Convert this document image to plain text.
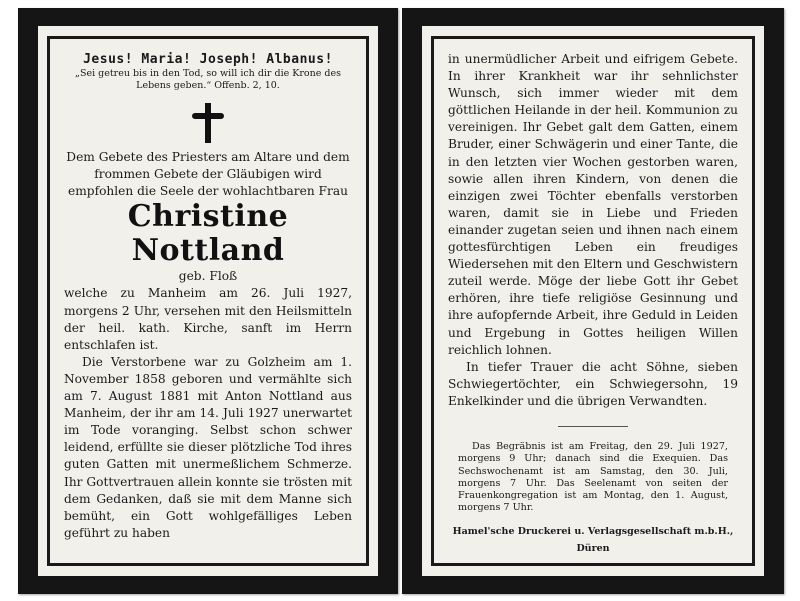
Jesus! Maria! Joseph! Albanus!

„Sei getreu bis in den Tod, so will ich dir die Krone des Lebens geben.“ Offenb. 2, 10.

Dem Gebete des Priesters am Altare und dem frommen Gebete der Gläubigen wird empfohlen die Seele der wohlachtbaren Frau

Christine Nottland

geb. Floß

welche zu Manheim am 26. Juli 1927, morgens 2 Uhr, versehen mit den Heilsmitteln der heil. kath. Kirche, sanft im Herrn entschlafen ist.

Die Verstorbene war zu Golzheim am 1. November 1858 geboren und vermählte sich am 7. August 1881 mit Anton Nottland aus Manheim, der ihr am 14. Juli 1927 unerwartet im Tode voranging. Selbst schon schwer leidend, erfüllte sie dieser plötzliche Tod ihres guten Gatten mit unermeßlichem Schmerze. Ihr Gottvertrauen allein konnte sie trösten mit dem Gedanken, daß sie mit dem Manne sich bemüht, ein Gott wohlgefälliges Leben geführt zu haben

in unermüdlicher Arbeit und eifrigem Gebete. In ihrer Krankheit war ihr sehnlichster Wunsch, sich immer wieder mit dem göttlichen Heilande in der heil. Kommunion zu vereinigen. Ihr Gebet galt dem Gatten, einem Bruder, einer Schwägerin und einer Tante, die in den letzten vier Wochen gestorben waren, sowie allen ihren Kindern, von denen die einzigen zwei Töchter ebenfalls verstorben waren, damit sie in Liebe und Frieden einander zugetan seien und ihnen nach einem gottesfürchtigen Leben ein freudiges Wiedersehen mit den Eltern und Geschwistern zuteil werde. Möge der liebe Gott ihr Gebet erhören, ihre tiefe religiöse Gesinnung und ihre aufopfernde Arbeit, ihre Geduld in Leiden und Ergebung in Gottes heiligen Willen reichlich lohnen.

In tiefer Trauer die acht Söhne, sieben Schwiegertöchter, ein Schwiegersohn, 19 Enkelkinder und die übrigen Verwandten.

Das Begräbnis ist am Freitag, den 29. Juli 1927, morgens 9 Uhr; danach sind die Exequien. Das Sechswochenamt ist am Samstag, den 30. Juli, morgens 7 Uhr. Das Seelenamt von seiten der Frauenkongregation ist am Montag, den 1. August, morgens 7 Uhr.

Hamel'sche Druckerei u. Verlagsgesellschaft m.b.H., Düren
